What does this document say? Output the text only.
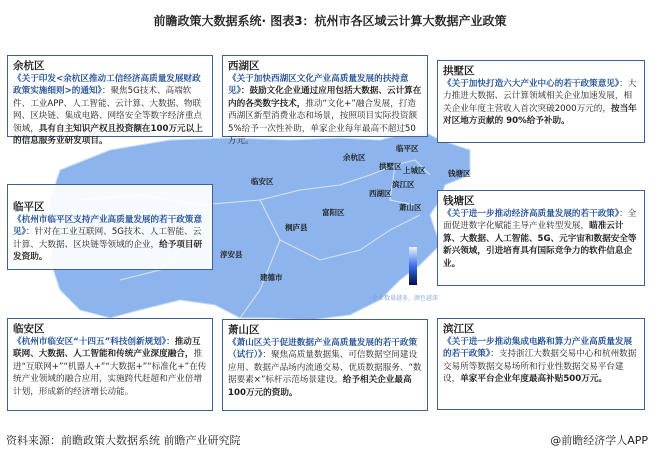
前瞻政策大数据系统· 图表3：杭州市各区域云计算大数据产业政策
临平区
余杭区
拱墅区 上城区	钱塘区
滨江区
西湖区
萧山区
临安区
富阳区
桐庐县
淳安县
建德市
企业数量越多，颜色越深
余杭区
《关于印发<余杭区推动工信经济高质量发展财政政策实施细则>的通知》：聚焦5G技术、高端软件、工业APP、人工智能、云计算、大数据、物联网、区块链、集成电路、网络安全等数字经济重点领域，具有自主知识产权且投资额在100万元以上的信息服务业研发项目。
西湖区
《关于加快西湖区文化产业高质量发展的扶持意见》：鼓励文化企业通过应用包括大数据、云计算在内的各类数字技术，推动“文化+”融合发展，打造西湖区新型消费业态和场景，按照项目实际投资额5%给予一次性补助，单家企业每年最高不超过50万元。
拱墅区
《关于加快打造六大产业中心的若干政策意见》：大力推进大数据、云计算领域相关企业加速发展，相关企业年度主营收入首次突破2000万元的，按当年对区地方贡献的 90%给予补助。
临平区
《杭州市临平区支持产业高质量发展的若干政策意见》：针对在工业互联网、5G技术、人工智能、云计算、大数据、区块链等领域的企业，给予项目研发资助。
钱塘区
《关于进一步推动经济高质量发展的若干政策》：全面促进数字化赋能主导产业转型发展，瞄准云计算、大数据、人工智能、5G、元宇宙和数据安全等新兴领域，引进培育具有国际竞争力的软件信息企业。
临安区
《杭州市临安区“十四五”科技创新规划》：推动互联网、大数据、人工智能和传统产业深度融合，推进“互联网+”“机器人+”“大数据+”“标准化+”在传统产业领域的融合应用，实施跨代赶超和产业倍增计划，形成新的经济增长动能。
萧山区
《萧山区关于促进数据产业高质量发展的若干政策（试行）》：聚焦高质量数据集、可信数据空间建设应用、数据产品场内流通交易、优质数据服务、“数据要素×”标杆示范场景建设。给予相关企业最高100万元的资助。
滨江区
《关于进一步推动集成电路和算力产业高质量发展的若干政策》：支持浙江大数据交易中心和杭州数据交易所等数据交易场所和行业性数据交易平台建设，单家平台企业年度最高补贴500万元。
资料来源：前瞻政策大数据系统 前瞻产业研究院	@前瞻经济学人APP
